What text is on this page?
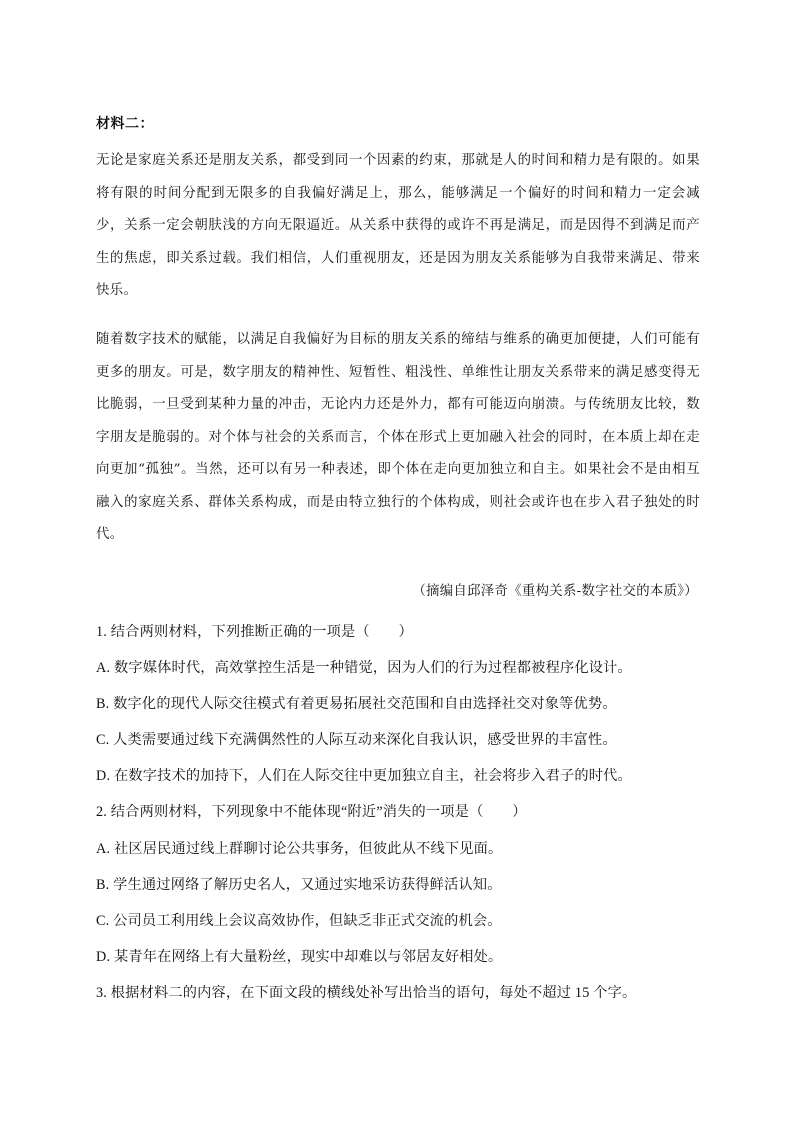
材料二：
无论是家庭关系还是朋友关系，都受到同一个因素的约束，那就是人的时间和精力是有限的。如果将有限的时间分配到无限多的自我偏好满足上，那么，能够满足一个偏好的时间和精力一定会减少，关系一定会朝肤浅的方向无限逼近。从关系中获得的或许不再是满足，而是因得不到满足而产生的焦虑，即关系过载。我们相信，人们重视朋友，还是因为朋友关系能够为自我带来满足、带来快乐。
随着数字技术的赋能，以满足自我偏好为目标的朋友关系的缔结与维系的确更加便捷，人们可能有更多的朋友。可是，数字朋友的精神性、短暂性、粗浅性、单维性让朋友关系带来的满足感变得无比脆弱，一旦受到某种力量的冲击，无论内力还是外力，都有可能迈向崩溃。与传统朋友比较，数字朋友是脆弱的。对个体与社会的关系而言，个体在形式上更加融入社会的同时，在本质上却在走向更加“孤独”。当然，还可以有另一种表述，即个体在走向更加独立和自主。如果社会不是由相互融入的家庭关系、群体关系构成，而是由特立独行的个体构成，则社会或许也在步入君子独处的时代。
（摘编自邱泽奇《重构关系-数字社交的本质》）
1. 结合两则材料，下列推断正确的一项是（　　）
A. 数字媒体时代，高效掌控生活是一种错觉，因为人们的行为过程都被程序化设计。
B. 数字化的现代人际交往模式有着更易拓展社交范围和自由选择社交对象等优势。
C. 人类需要通过线下充满偶然性的人际互动来深化自我认识，感受世界的丰富性。
D. 在数字技术的加持下，人们在人际交往中更加独立自主，社会将步入君子的时代。
2. 结合两则材料，下列现象中不能体现“附近”消失的一项是（　　）
A. 社区居民通过线上群聊讨论公共事务，但彼此从不线下见面。
B. 学生通过网络了解历史名人，又通过实地采访获得鲜活认知。
C. 公司员工利用线上会议高效协作，但缺乏非正式交流的机会。
D. 某青年在网络上有大量粉丝，现实中却难以与邻居友好相处。
3. 根据材料二的内容，在下面文段的横线处补写出恰当的语句，每处不超过 15 个字。
